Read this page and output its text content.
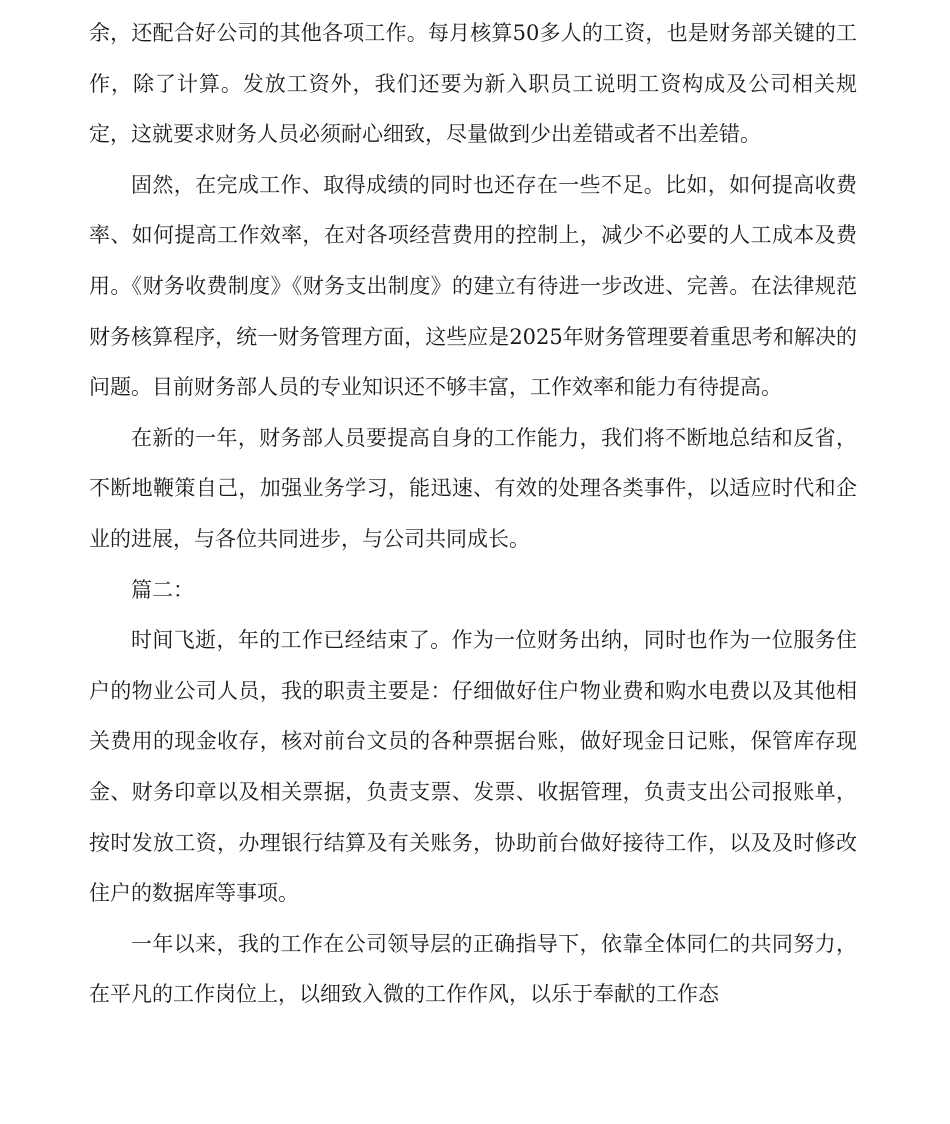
余，还配合好公司的其他各项工作。每月核算50多人的工资，也是财务部关键的工作，除了计算。发放工资外，我们还要为新入职员工说明工资构成及公司相关规定，这就要求财务人员必须耐心细致，尽量做到少出差错或者不出差错。

固然，在完成工作、取得成绩的同时也还存在一些不足。比如，如何提高收费率、如何提高工作效率，在对各项经营费用的控制上，减少不必要的人工成本及费用。《财务收费制度》《财务支出制度》的建立有待进一步改进、完善。在法律规范财务核算程序，统一财务管理方面，这些应是2025年财务管理要着重思考和解决的问题。目前财务部人员的专业知识还不够丰富，工作效率和能力有待提高。

在新的一年，财务部人员要提高自身的工作能力，我们将不断地总结和反省，不断地鞭策自己，加强业务学习，能迅速、有效的处理各类事件，以适应时代和企业的进展，与各位共同进步，与公司共同成长。

篇二：

时间飞逝，年的工作已经结束了。作为一位财务出纳，同时也作为一位服务住户的物业公司人员，我的职责主要是：仔细做好住户物业费和购水电费以及其他相关费用的现金收存，核对前台文员的各种票据台账，做好现金日记账，保管库存现金、财务印章以及相关票据，负责支票、发票、收据管理，负责支出公司报账单，按时发放工资，办理银行结算及有关账务，协助前台做好接待工作，以及及时修改住户的数据库等事项。

一年以来，我的工作在公司领导层的正确指导下，依靠全体同仁的共同努力，在平凡的工作岗位上，以细致入微的工作作风，以乐于奉献的工作态
